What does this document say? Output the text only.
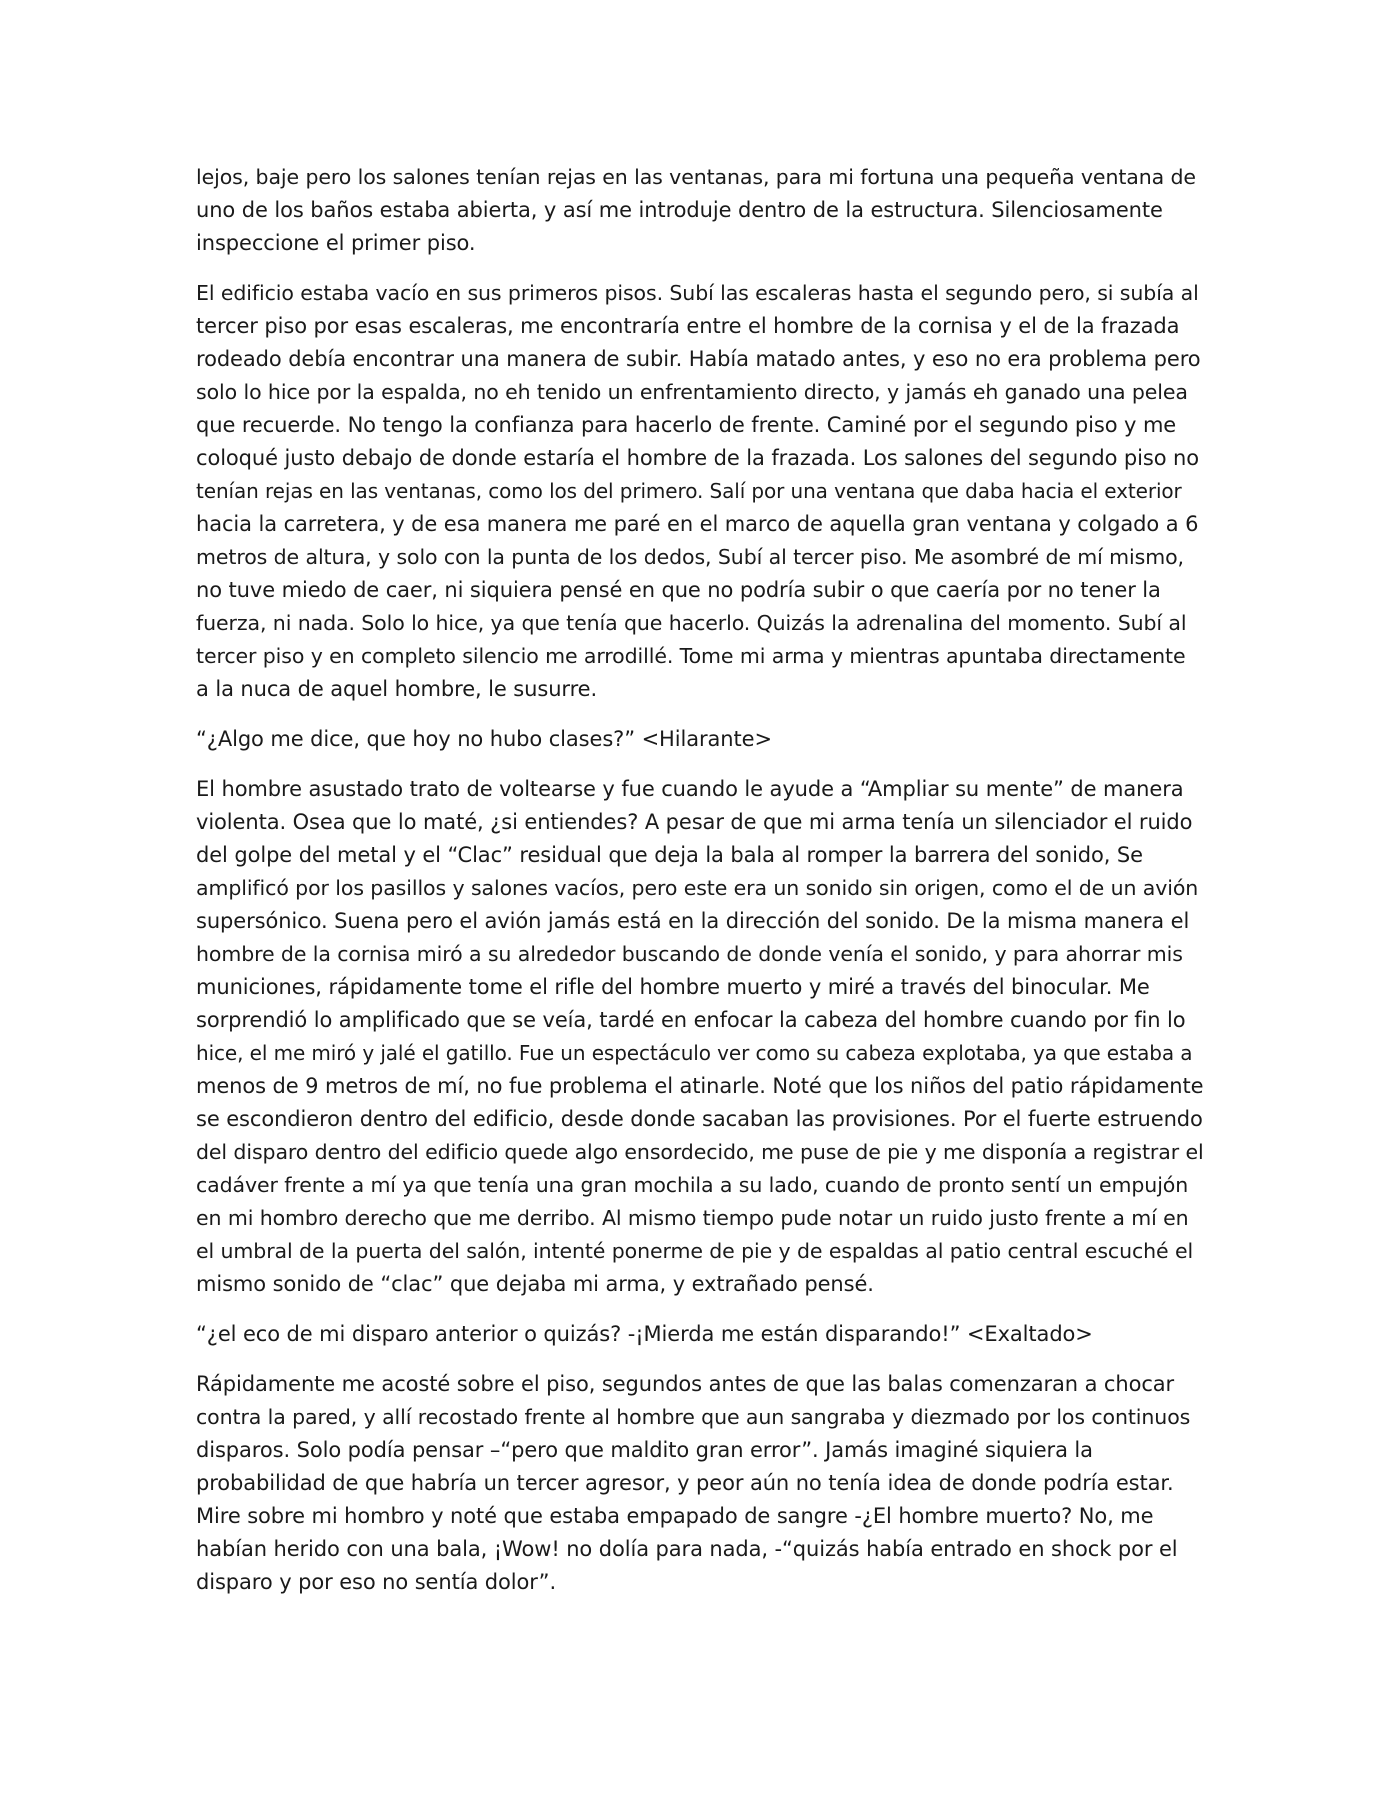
lejos, baje pero los salones tenían rejas en las ventanas, para mi fortuna una pequeña ventana de
uno de los baños estaba abierta, y así me introduje dentro de la estructura. Silenciosamente
inspeccione el primer piso.
El edificio estaba vacío en sus primeros pisos. Subí las escaleras hasta el segundo pero, si subía al
tercer piso por esas escaleras, me encontraría entre el hombre de la cornisa y el de la frazada
rodeado debía encontrar una manera de subir. Había matado antes, y eso no era problema pero
solo lo hice por la espalda, no eh tenido un enfrentamiento directo, y jamás eh ganado una pelea
que recuerde. No tengo la confianza para hacerlo de frente. Caminé por el segundo piso y me
coloqué justo debajo de donde estaría el hombre de la frazada. Los salones del segundo piso no
tenían rejas en las ventanas, como los del primero. Salí por una ventana que daba hacia el exterior
hacia la carretera, y de esa manera me paré en el marco de aquella gran ventana y colgado a 6
metros de altura, y solo con la punta de los dedos, Subí al tercer piso. Me asombré de mí mismo,
no tuve miedo de caer, ni siquiera pensé en que no podría subir o que caería por no tener la
fuerza, ni nada. Solo lo hice, ya que tenía que hacerlo. Quizás la adrenalina del momento. Subí al
tercer piso y en completo silencio me arrodillé. Tome mi arma y mientras apuntaba directamente
a la nuca de aquel hombre, le susurre.
“¿Algo me dice, que hoy no hubo clases?” <Hilarante>
El hombre asustado trato de voltearse y fue cuando le ayude a “Ampliar su mente” de manera
violenta. Osea que lo maté, ¿si entiendes? A pesar de que mi arma tenía un silenciador el ruido
del golpe del metal y el “Clac” residual que deja la bala al romper la barrera del sonido, Se
amplificó por los pasillos y salones vacíos, pero este era un sonido sin origen, como el de un avión
supersónico. Suena pero el avión jamás está en la dirección del sonido. De la misma manera el
hombre de la cornisa miró a su alrededor buscando de donde venía el sonido, y para ahorrar mis
municiones, rápidamente tome el rifle del hombre muerto y miré a través del binocular. Me
sorprendió lo amplificado que se veía, tardé en enfocar la cabeza del hombre cuando por fin lo
hice, el me miró y jalé el gatillo. Fue un espectáculo ver como su cabeza explotaba, ya que estaba a
menos de 9 metros de mí, no fue problema el atinarle. Noté que los niños del patio rápidamente
se escondieron dentro del edificio, desde donde sacaban las provisiones. Por el fuerte estruendo
del disparo dentro del edificio quede algo ensordecido, me puse de pie y me disponía a registrar el
cadáver frente a mí ya que tenía una gran mochila a su lado, cuando de pronto sentí un empujón
en mi hombro derecho que me derribo. Al mismo tiempo pude notar un ruido justo frente a mí en
el umbral de la puerta del salón, intenté ponerme de pie y de espaldas al patio central escuché el
mismo sonido de “clac” que dejaba mi arma, y extrañado pensé.
“¿el eco de mi disparo anterior o quizás? -¡Mierda me están disparando!” <Exaltado>
Rápidamente me acosté sobre el piso, segundos antes de que las balas comenzaran a chocar
contra la pared, y allí recostado frente al hombre que aun sangraba y diezmado por los continuos
disparos. Solo podía pensar –“pero que maldito gran error”. Jamás imaginé siquiera la
probabilidad de que habría un tercer agresor, y peor aún no tenía idea de donde podría estar.
Mire sobre mi hombro y noté que estaba empapado de sangre -¿El hombre muerto? No, me
habían herido con una bala, ¡Wow! no dolía para nada, -“quizás había entrado en shock por el
disparo y por eso no sentía dolor”.
